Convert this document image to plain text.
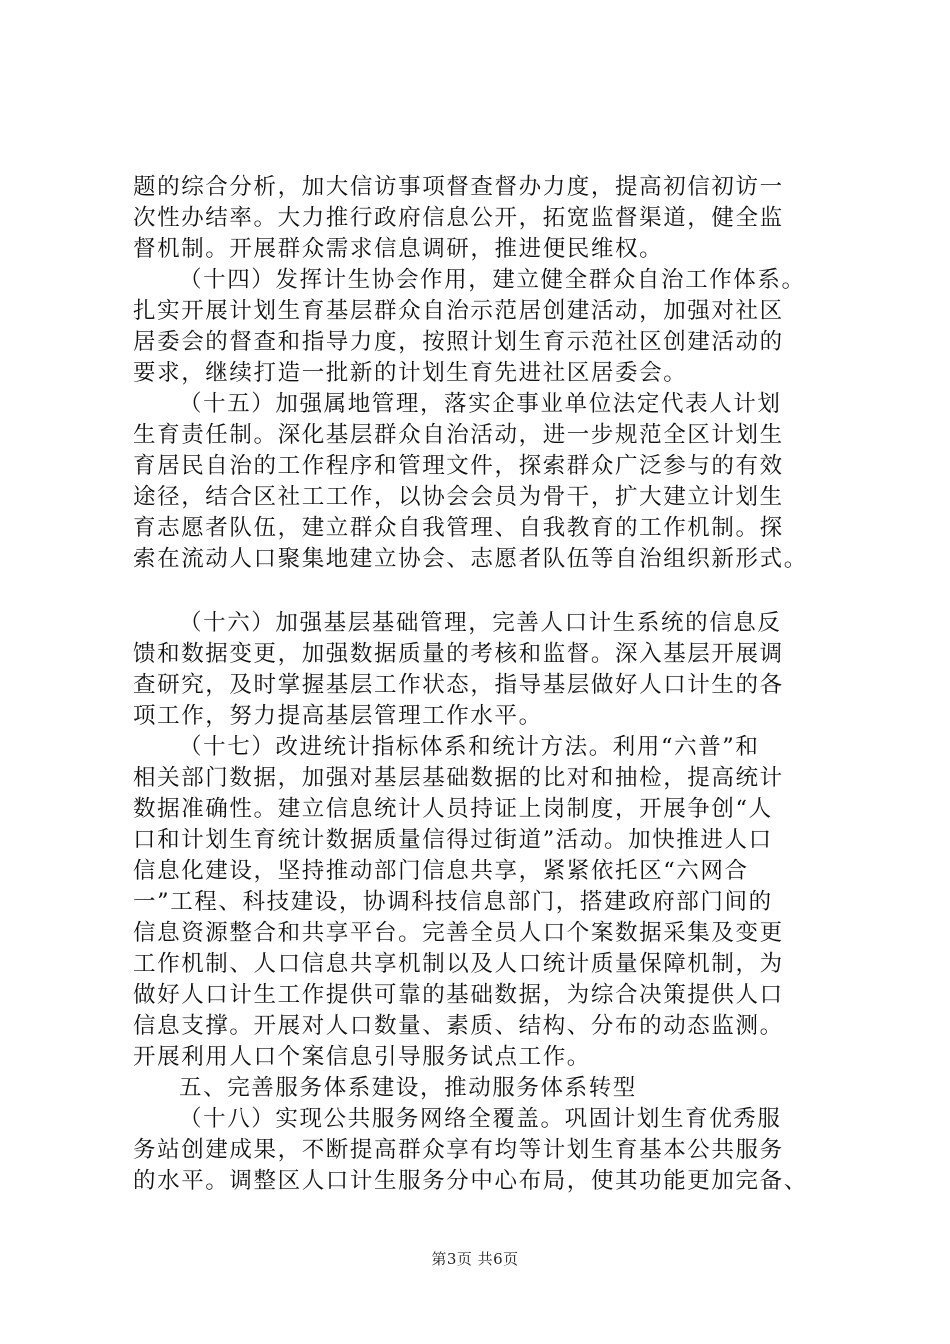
题的综合分析，加大信访事项督查督办力度，提高初信初访一
次性办结率。大力推行政府信息公开，拓宽监督渠道，健全监
督机制。开展群众需求信息调研，推进便民维权。
（十四）发挥计生协会作用，建立健全群众自治工作体系。
扎实开展计划生育基层群众自治示范居创建活动，加强对社区
居委会的督查和指导力度，按照计划生育示范社区创建活动的
要求，继续打造一批新的计划生育先进社区居委会。
（十五）加强属地管理，落实企事业单位法定代表人计划
生育责任制。深化基层群众自治活动，进一步规范全区计划生
育居民自治的工作程序和管理文件，探索群众广泛参与的有效
途径，结合区社工工作，以协会会员为骨干，扩大建立计划生
育志愿者队伍，建立群众自我管理、自我教育的工作机制。探
索在流动人口聚集地建立协会、志愿者队伍等自治组织新形式。
（十六）加强基层基础管理，完善人口计生系统的信息反
馈和数据变更，加强数据质量的考核和监督。深入基层开展调
查研究，及时掌握基层工作状态，指导基层做好人口计生的各
项工作，努力提高基层管理工作水平。
（十七）改进统计指标体系和统计方法。利用“六普”和
相关部门数据，加强对基层基础数据的比对和抽检，提高统计
数据准确性。建立信息统计人员持证上岗制度，开展争创“人
口和计划生育统计数据质量信得过街道”活动。加快推进人口
信息化建设，坚持推动部门信息共享，紧紧依托区“六网合
一”工程、科技建设，协调科技信息部门，搭建政府部门间的
信息资源整合和共享平台。完善全员人口个案数据采集及变更
工作机制、人口信息共享机制以及人口统计质量保障机制，为
做好人口计生工作提供可靠的基础数据，为综合决策提供人口
信息支撑。开展对人口数量、素质、结构、分布的动态监测。
开展利用人口个案信息引导服务试点工作。
五、完善服务体系建设，推动服务体系转型
（十八）实现公共服务网络全覆盖。巩固计划生育优秀服
务站创建成果，不断提高群众享有均等计划生育基本公共服务
的水平。调整区人口计生服务分中心布局，使其功能更加完备、
第3页 共6页
